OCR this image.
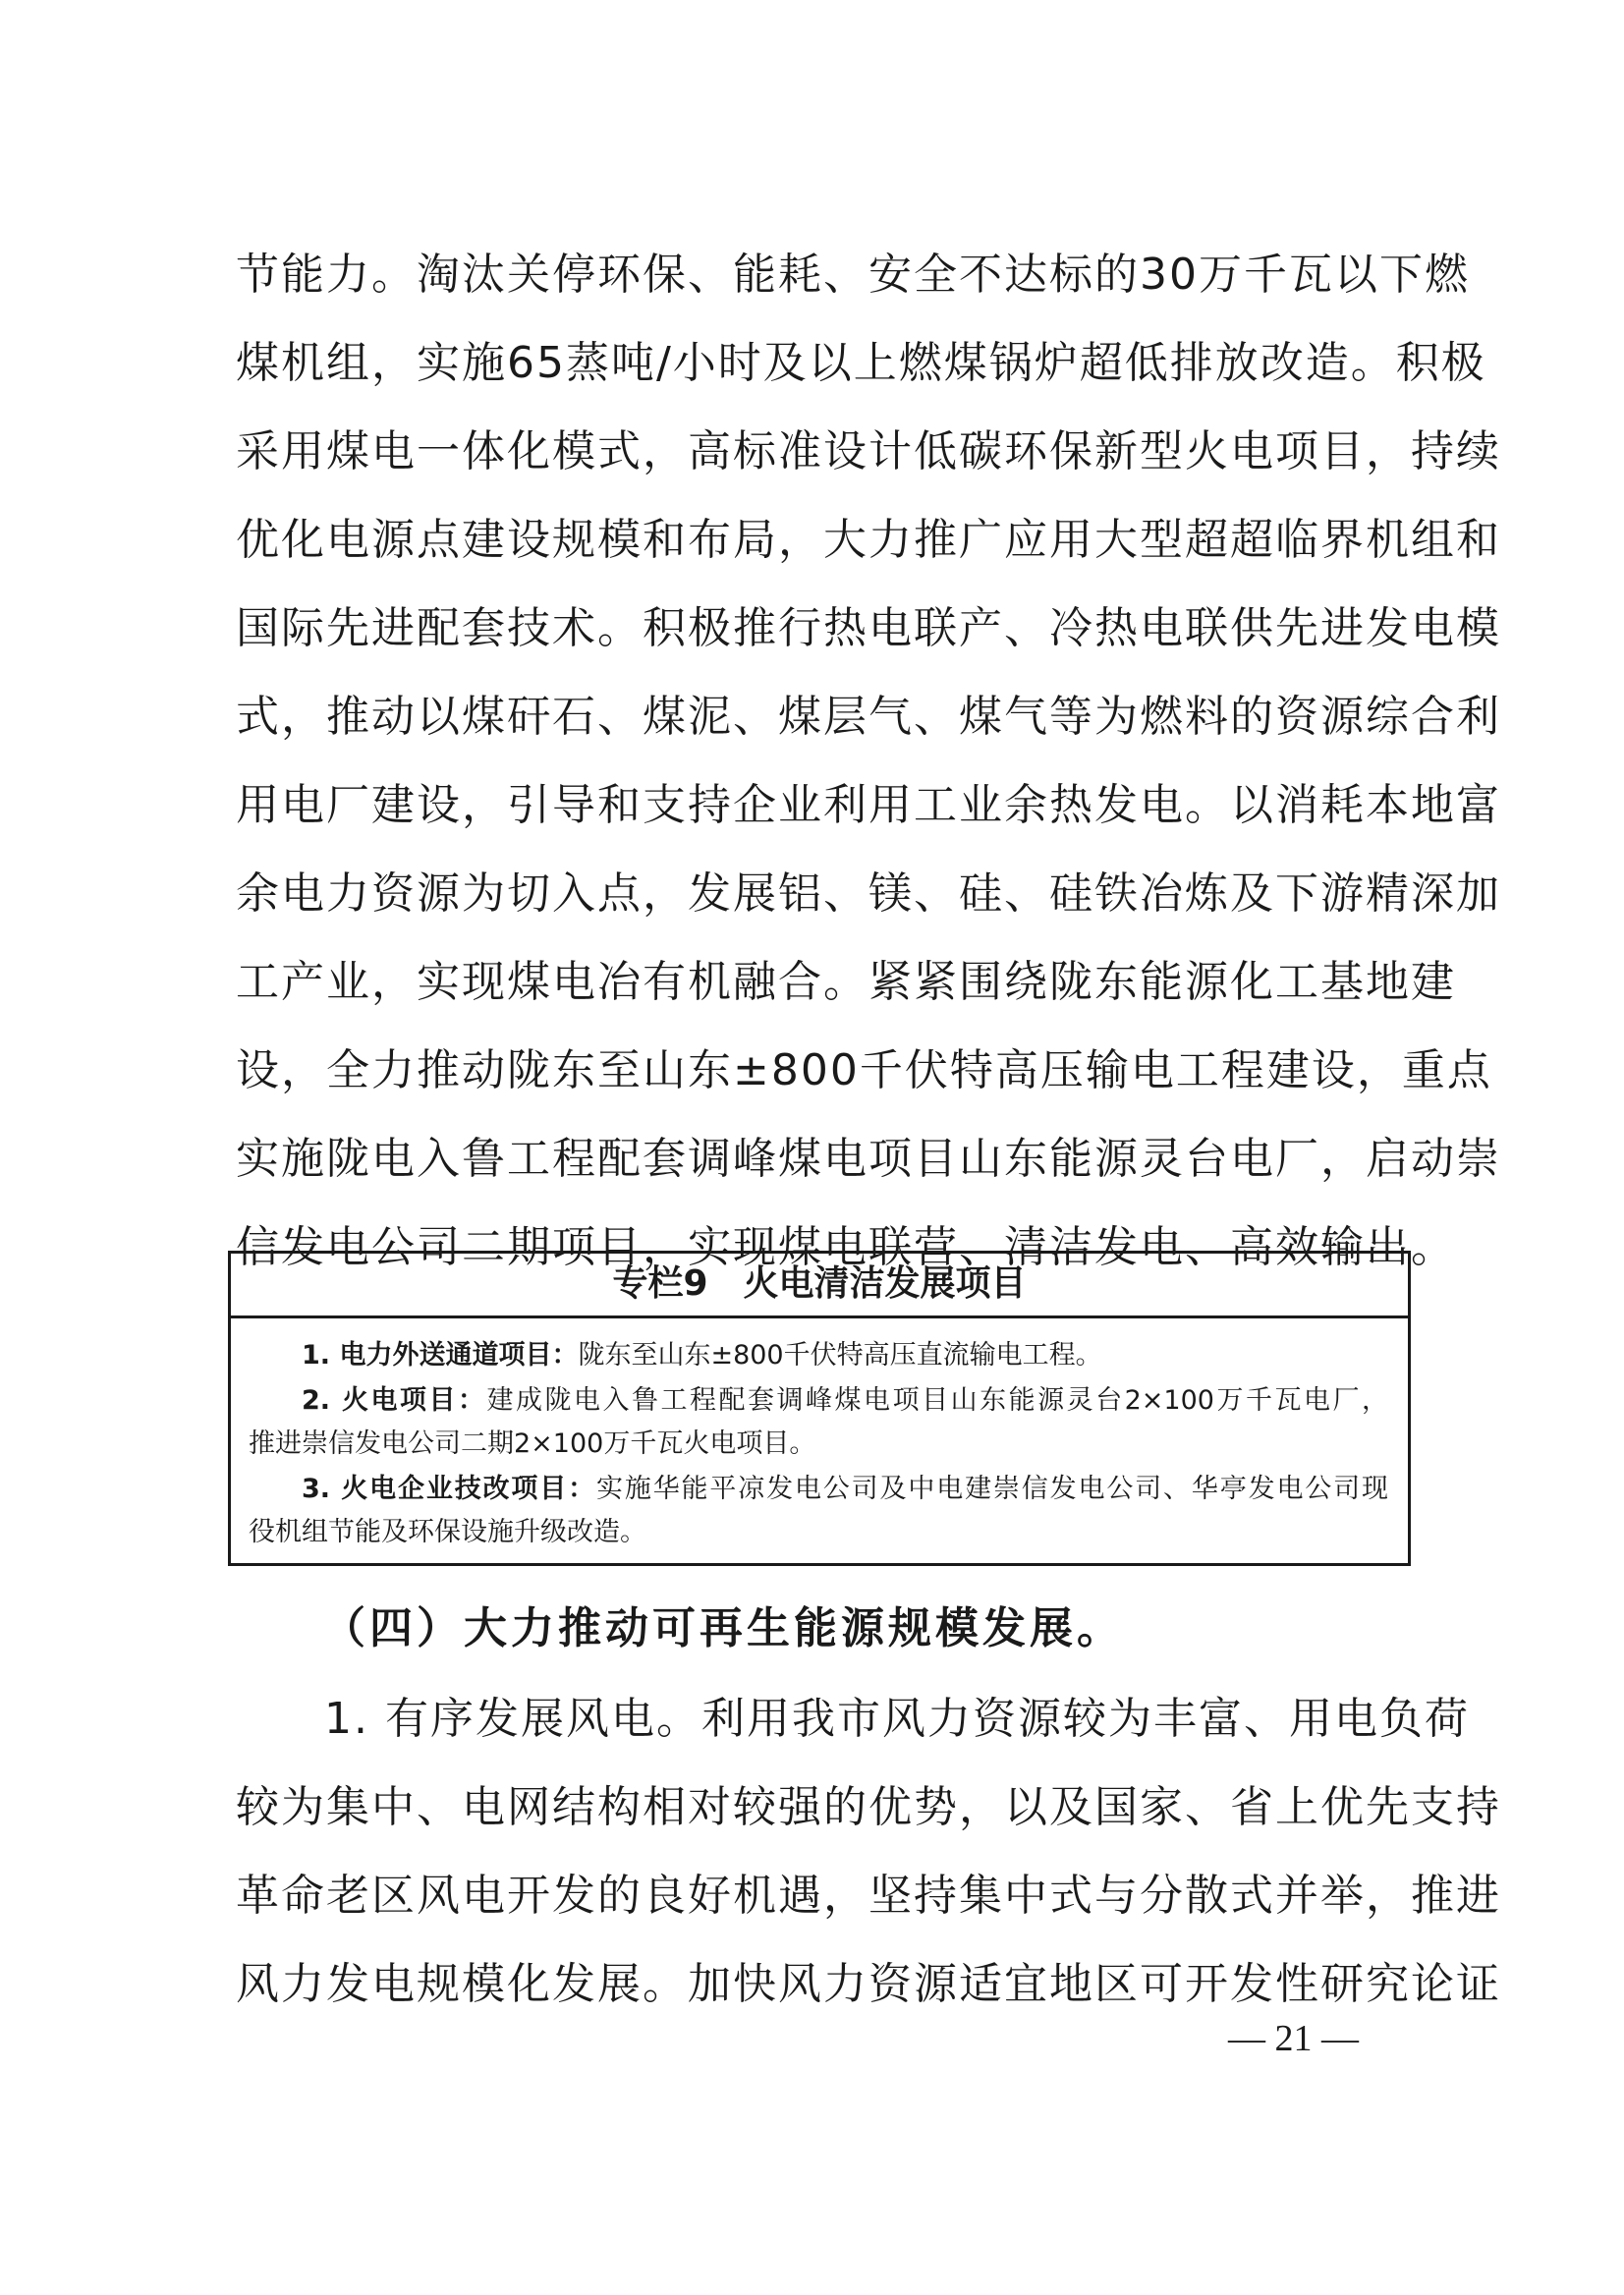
节能力。淘汰关停环保、能耗、安全不达标的30万千瓦以下燃
煤机组，实施65蒸吨/小时及以上燃煤锅炉超低排放改造。积极
采用煤电一体化模式，高标准设计低碳环保新型火电项目，持续
优化电源点建设规模和布局，大力推广应用大型超超临界机组和
国际先进配套技术。积极推行热电联产、冷热电联供先进发电模
式，推动以煤矸石、煤泥、煤层气、煤气等为燃料的资源综合利
用电厂建设，引导和支持企业利用工业余热发电。以消耗本地富
余电力资源为切入点，发展铝、镁、硅、硅铁冶炼及下游精深加
工产业，实现煤电冶有机融合。紧紧围绕陇东能源化工基地建
设，全力推动陇东至山东±800千伏特高压输电工程建设，重点
实施陇电入鲁工程配套调峰煤电项目山东能源灵台电厂，启动崇
信发电公司二期项目，实现煤电联营、清洁发电、高效输出。
专栏9 火电清洁发展项目
1. 电力外送通道项目：陇东至山东±800千伏特高压直流输电工程。
2. 火电项目：建成陇电入鲁工程配套调峰煤电项目山东能源灵台2×100万千瓦电厂，
推进崇信发电公司二期2×100万千瓦火电项目。
3. 火电企业技改项目：实施华能平凉发电公司及中电建崇信发电公司、华亭发电公司现
役机组节能及环保设施升级改造。
（四）大力推动可再生能源规模发展。
1. 有序发展风电。利用我市风力资源较为丰富、用电负荷
较为集中、电网结构相对较强的优势，以及国家、省上优先支持
革命老区风电开发的良好机遇，坚持集中式与分散式并举，推进
风力发电规模化发展。加快风力资源适宜地区可开发性研究论证
— 21 —
